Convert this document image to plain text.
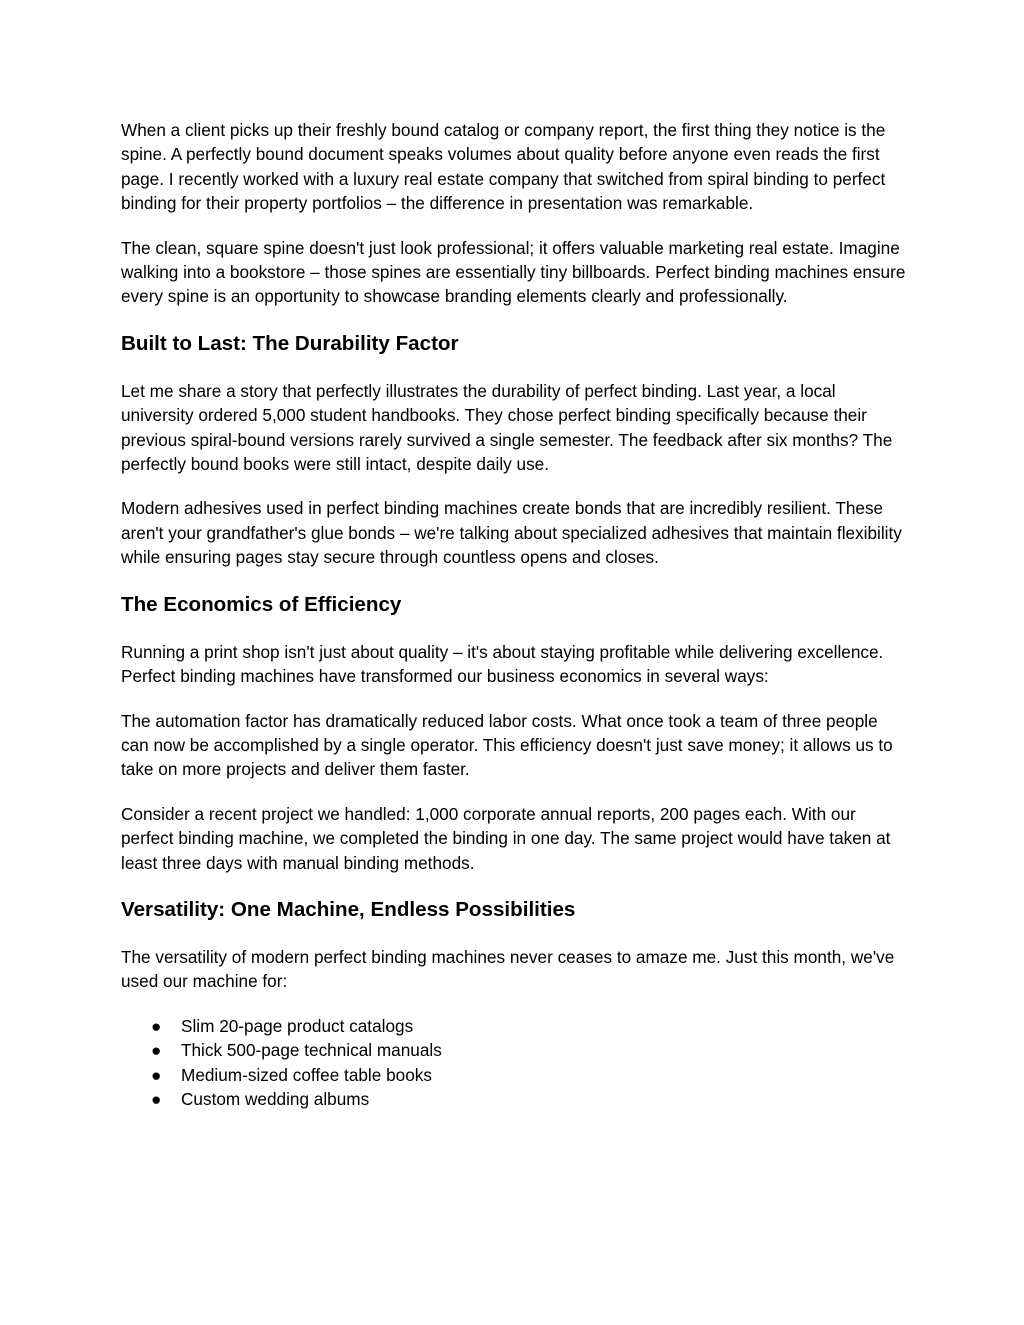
When a client picks up their freshly bound catalog or company report, the first thing they notice is the spine. A perfectly bound document speaks volumes about quality before anyone even reads the first page. I recently worked with a luxury real estate company that switched from spiral binding to perfect binding for their property portfolios – the difference in presentation was remarkable.

The clean, square spine doesn't just look professional; it offers valuable marketing real estate. Imagine walking into a bookstore – those spines are essentially tiny billboards. Perfect binding machines ensure every spine is an opportunity to showcase branding elements clearly and professionally.

Built to Last: The Durability Factor

Let me share a story that perfectly illustrates the durability of perfect binding. Last year, a local university ordered 5,000 student handbooks. They chose perfect binding specifically because their previous spiral-bound versions rarely survived a single semester. The feedback after six months? The perfectly bound books were still intact, despite daily use.

Modern adhesives used in perfect binding machines create bonds that are incredibly resilient. These aren't your grandfather's glue bonds – we're talking about specialized adhesives that maintain flexibility while ensuring pages stay secure through countless opens and closes.

The Economics of Efficiency

Running a print shop isn't just about quality – it's about staying profitable while delivering excellence. Perfect binding machines have transformed our business economics in several ways:

The automation factor has dramatically reduced labor costs. What once took a team of three people can now be accomplished by a single operator. This efficiency doesn't just save money; it allows us to take on more projects and deliver them faster.

Consider a recent project we handled: 1,000 corporate annual reports, 200 pages each. With our perfect binding machine, we completed the binding in one day. The same project would have taken at least three days with manual binding methods.

Versatility: One Machine, Endless Possibilities

The versatility of modern perfect binding machines never ceases to amaze me. Just this month, we've used our machine for:

● Slim 20-page product catalogs
● Thick 500-page technical manuals
● Medium-sized coffee table books
● Custom wedding albums
